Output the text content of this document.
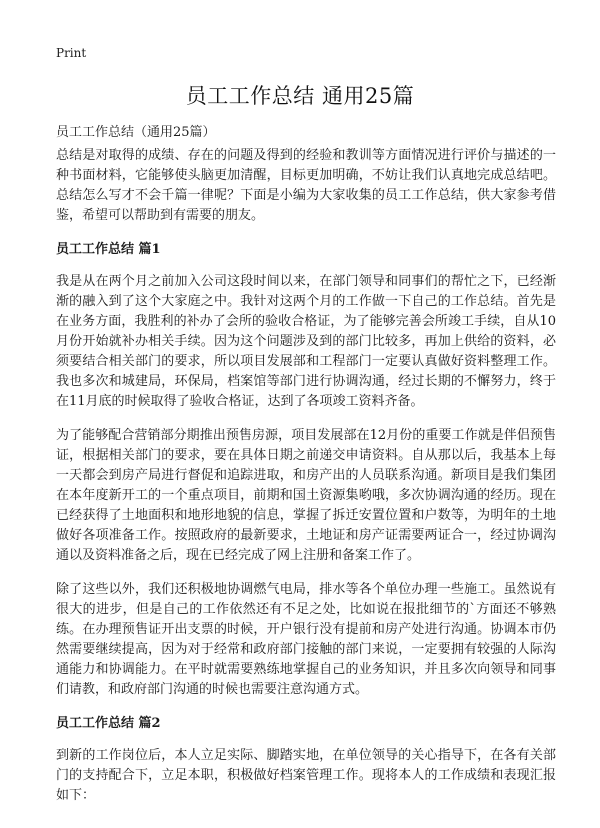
Print
员工工作总结 通用25篇

员工工作总结（通用25篇）

总结是对取得的成绩、存在的问题及得到的经验和教训等方面情况进行评价与描述的一种书面材料，它能够使头脑更加清醒，目标更加明确，不妨让我们认真地完成总结吧。总结怎么写才不会千篇一律呢？下面是小编为大家收集的员工工作总结，供大家参考借鉴，希望可以帮助到有需要的朋友。

员工工作总结 篇1

我是从在两个月之前加入公司这段时间以来，在部门领导和同事们的帮忙之下，已经渐渐的融入到了这个大家庭之中。我针对这两个月的工作做一下自己的工作总结。首先是在业务方面，我胜利的补办了会所的验收合格证，为了能够完善会所竣工手续，自从10月份开始就补办相关手续。因为这个问题涉及到的部门比较多，再加上供给的资料，必须要结合相关部门的要求，所以项目发展部和工程部门一定要认真做好资料整理工作。我也多次和城建局，环保局，档案馆等部门进行协调沟通，经过长期的不懈努力，终于在11月底的时候取得了验收合格证，达到了各项竣工资料齐备。

为了能够配合营销部分期推出预售房源，项目发展部在12月份的重要工作就是伴侣预售证，根据相关部门的要求，要在具体日期之前递交申请资料。自从那以后，我基本上每一天都会到房产局进行督促和追踪进取，和房产出的人员联系沟通。新项目是我们集团在本年度新开工的一个重点项目，前期和国土资源集哟哦，多次协调沟通的经历。现在已经获得了土地面积和地形地貌的信息，掌握了拆迁安置位置和户数等，为明年的土地做好各项准备工作。按照政府的最新要求，土地证和房产证需要两证合一，经过协调沟通以及资料准备之后，现在已经完成了网上注册和备案工作了。

除了这些以外，我们还积极地协调燃气电局，排水等各个单位办理一些施工。虽然说有很大的进步，但是自己的工作依然还有不足之处，比如说在报批细节的`方面还不够熟练。在办理预售证开出支票的时候，开户银行没有提前和房产处进行沟通。协调本市仍然需要继续提高，因为对于经常和政府部门接触的部门来说，一定要拥有较强的人际沟通能力和协调能力。在平时就需要熟练地掌握自己的业务知识，并且多次向领导和同事们请教，和政府部门沟通的时候也需要注意沟通方式。

员工工作总结 篇2

到新的工作岗位后，本人立足实际、脚踏实地，在单位领导的关心指导下，在各有关部门的支持配合下，立足本职，积极做好档案管理工作。现将本人的工作成绩和表现汇报如下：
